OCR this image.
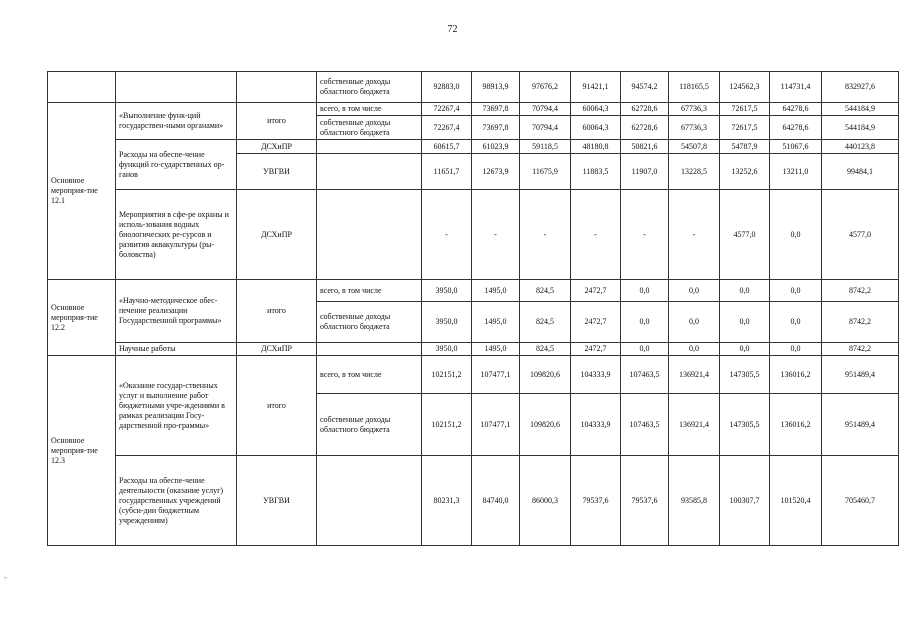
72
			собственные доходы областного бюджета	92883,0	98913,9	97676,2	91421,1	94574,2	118165,5	124562,3	114731,4	832927,6
Основное мероприя-тие 12.1	«Выполнение функ-ций государствен-ными органами»	итого	всего, в том числе	72267,4	73697,8	70794,4	60064,3	62728,6	67736,3	72617,5	64278,6	544184,9
			собственные доходы областного бюджета	72267,4	73697,8	70794,4	60064,3	62728,6	67736,3	72617,5	64278,6	544184,9
	Расходы на обеспе-чение функций го-сударственных ор-ганов	ДСХиПР		60615,7	61023,9	59118,5	48180,8	50821,6	54507,8	54787,9	51067,6	440123,8
		УВГВИ		11651,7	12673,9	11675,9	11883,5	11907,0	13228,5	13252,6	13211,0	99484,1
	Мероприятия в сфе-ре охраны и исполь-зования водных биологических ре-сурсов и развития аквакультуры (ры-боловства)	ДСХиПР		-	-	-	-	-	-	4577,0	0,0	4577,0
Основное мероприя-тие 12.2	«Научно-методическое обес-печение реализации Государственной программы»	итого	всего, в том числе	3950,0	1495,0	824,5	2472,7	0,0	0,0	0,0	0,0	8742,2
			собственные доходы областного бюджета	3950,0	1495,0	824,5	2472,7	0,0	0,0	0,0	0,0	8742,2
	Научные работы	ДСХиПР		3950,0	1495,0	824,5	2472,7	0,0	0,0	0,0	0,0	8742,2
Основное мероприя-тие 12.3	«Оказание государ-ственных услуг и выполнение работ бюджетными учре-ждениями в рамках реализации Госу-дарственной про-граммы»	итого	всего, в том числе	102151,2	107477,1	109820,6	104333,9	107463,5	136921,4	147305,5	136016,2	951489,4
			собственные доходы областного бюджета	102151,2	107477,1	109820,6	104333,9	107463,5	136921,4	147305,5	136016,2	951489,4
	Расходы на обеспе-чение деятельности (оказание услуг) государственных учреждений (субси-дии бюджетным учреждениям)	УВГВИ		80231,3	84740,0	86000,3	79537,6	79537,6	93585,8	100307,7	101520,4	705460,7
-
